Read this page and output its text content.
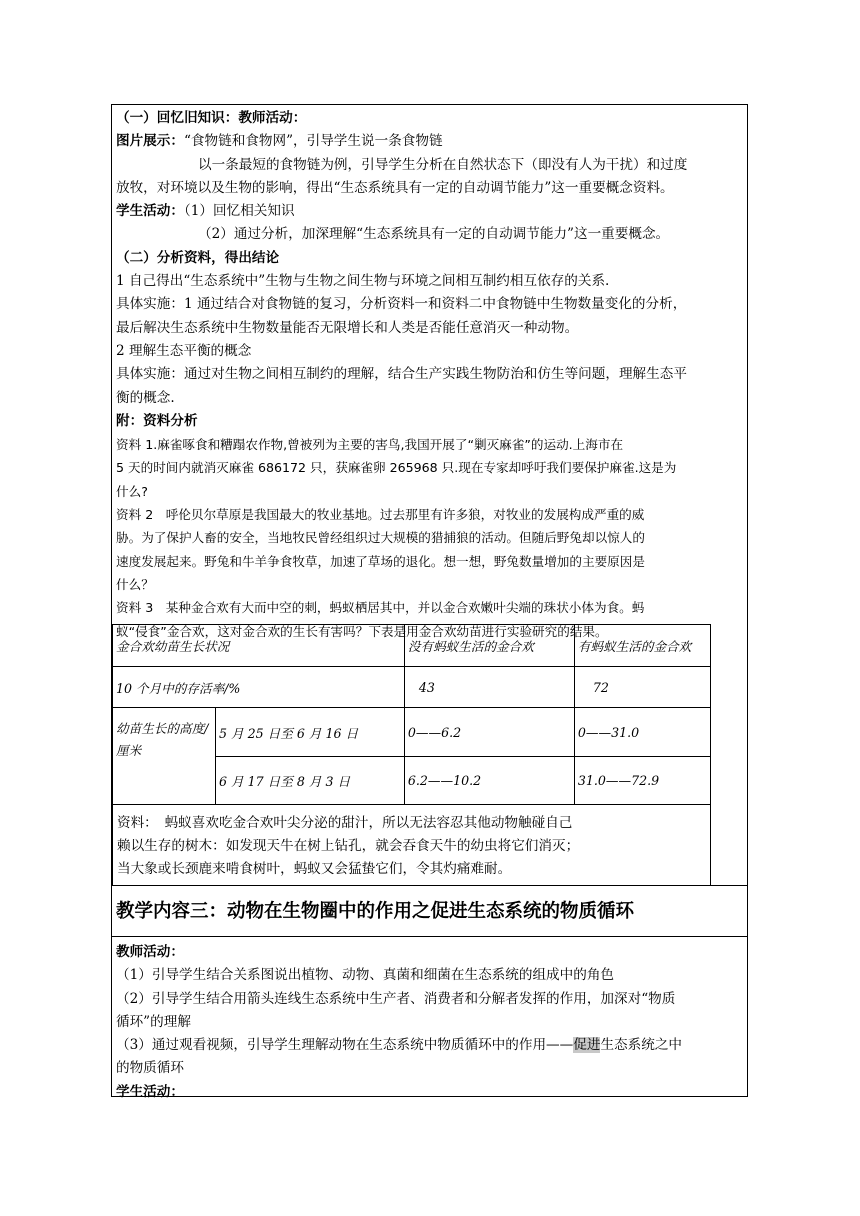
（一）回忆旧知识：教师活动：
图片展示：“食物链和食物网”，引导学生说一条食物链
以一条最短的食物链为例，引导学生分析在自然状态下（即没有人为干扰）和过度
放牧，对环境以及生物的影响，得出“生态系统具有一定的自动调节能力”这一重要概念资料。
学生活动：（1）回忆相关知识
（2）通过分析，加深理解“生态系统具有一定的自动调节能力”这一重要概念。
（二）分析资料，得出结论
1 自己得出“生态系统中”生物与生物之间生物与环境之间相互制约相互依存的关系.
具体实施：1 通过结合对食物链的复习，分析资料一和资料二中食物链中生物数量变化的分析，
最后解决生态系统中生物数量能否无限增长和人类是否能任意消灭一种动物。
2 理解生态平衡的概念
具体实施：通过对生物之间相互制约的理解，结合生产实践生物防治和仿生等问题，理解生态平
衡的概念.
附：资料分析
资料 1.麻雀啄食和糟蹋农作物,曾被列为主要的害鸟,我国开展了“剿灭麻雀”的运动.上海市在
5 天的时间内就消灭麻雀 686172 只，获麻雀卵 265968 只.现在专家却呼吁我们要保护麻雀.这是为
什么?
资料 2　呼伦贝尔草原是我国最大的牧业基地。过去那里有许多狼，对牧业的发展构成严重的威
胁。为了保护人畜的安全，当地牧民曾经组织过大规模的猎捕狼的活动。但随后野兔却以惊人的
速度发展起来。野兔和牛羊争食牧草，加速了草场的退化。想一想，野兔数量增加的主要原因是
什么？
资料 3　某种金合欢有大而中空的刺，蚂蚁栖居其中，并以金合欢嫩叶尖端的珠状小体为食。蚂
蚁“侵食”金合欢，这对金合欢的生长有害吗？下表是用金合欢幼苗进行实验研究的结果。
金合欢幼苗生长状况		没有蚂蚁生活的金合欢	有蚂蚁生活的金合欢
10 个月中的存活率/%		43	72
幼苗生长的高度/厘米	5 月 25 日至 6 月 16 日	0——6.2	0——31.0
	6 月 17 日至 8 月 3 日	6.2——10.2	31.0——72.9
资料：　蚂蚁喜欢吃金合欢叶尖分泌的甜汁，所以无法容忍其他动物触碰自己
赖以生存的树木：如发现天牛在树上钻孔，就会吞食天牛的幼虫将它们消灭；
当大象或长颈鹿来啃食树叶，蚂蚁又会猛蛰它们，令其灼痛难耐。
教学内容三：动物在生物圈中的作用之促进生态系统的物质循环
教师活动：
（1）引导学生结合关系图说出植物、动物、真菌和细菌在生态系统的组成中的角色
（2）引导学生结合用箭头连线生态系统中生产者、消费者和分解者发挥的作用，加深对“物质
循环”的理解
（3）通过观看视频，引导学生理解动物在生态系统中物质循环中的作用——促进生态系统之中
的物质循环
学生活动：
